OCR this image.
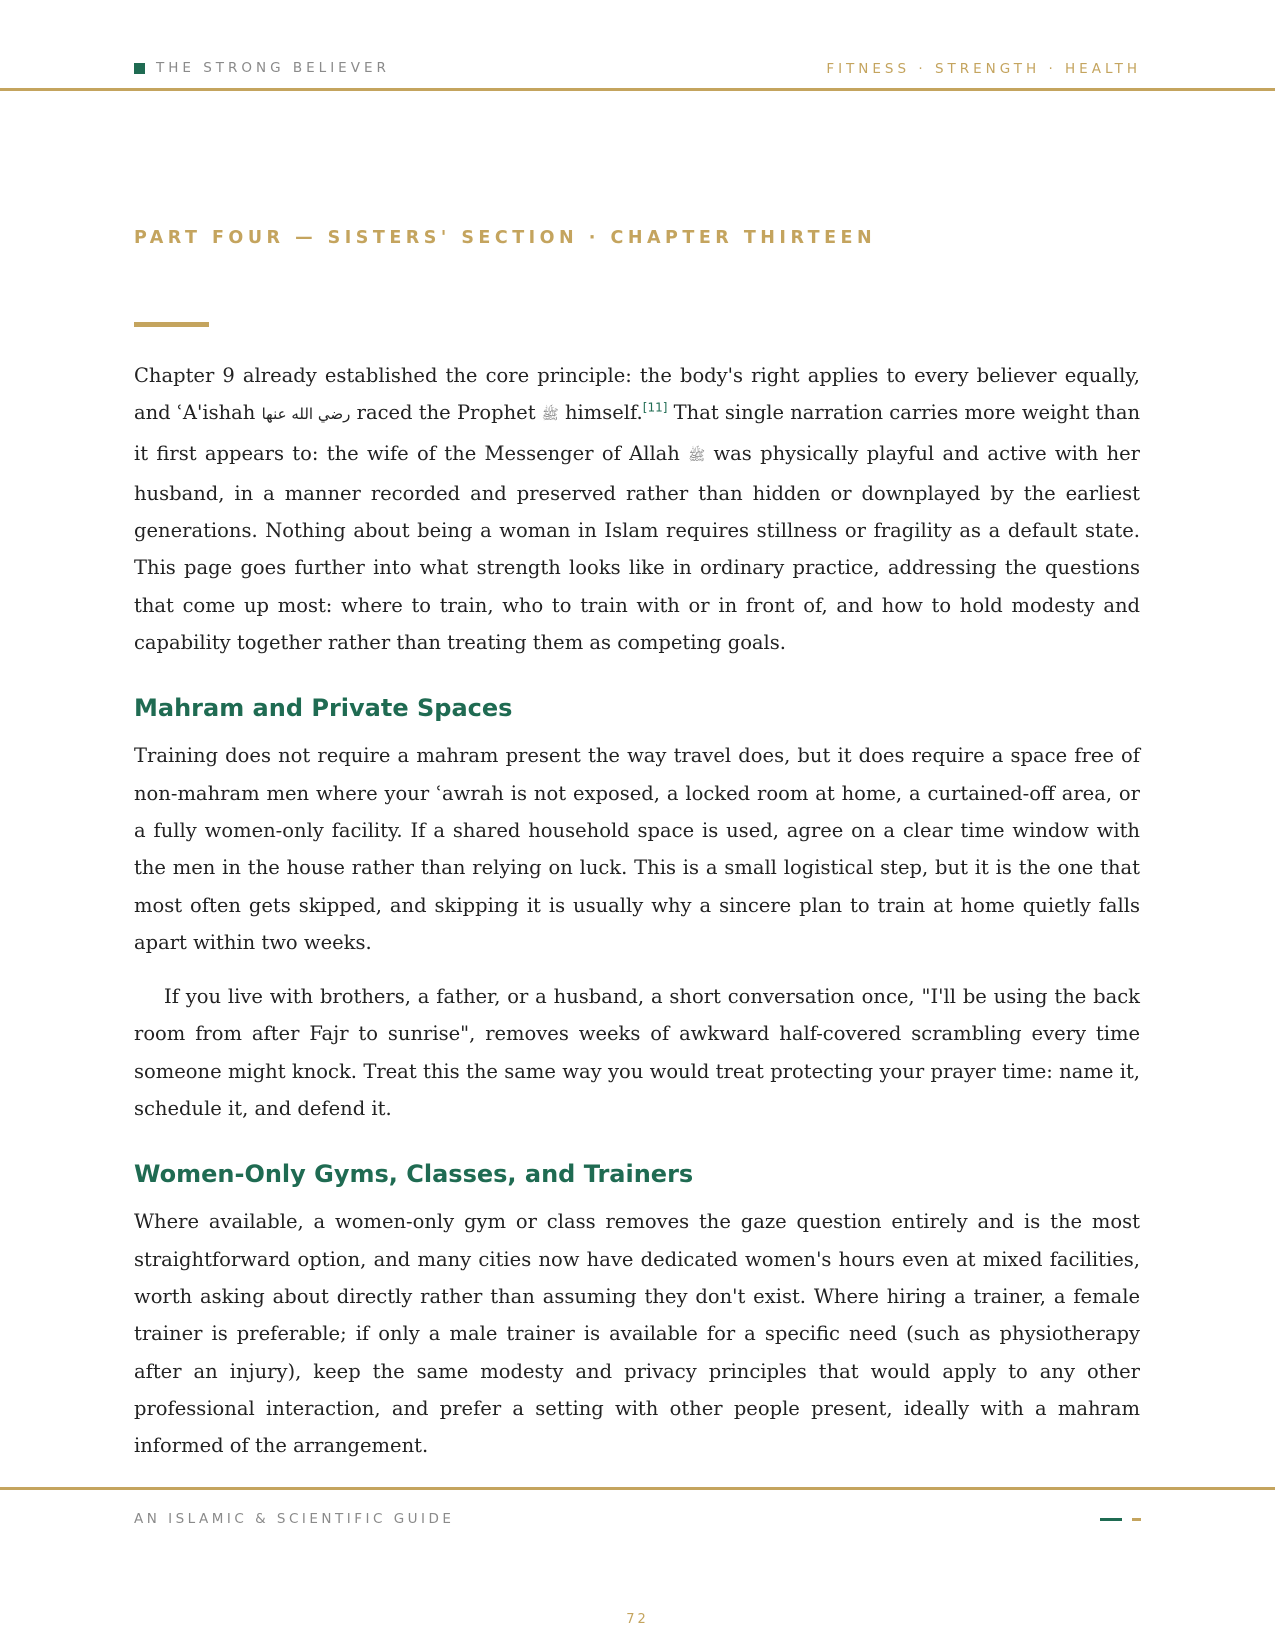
THE STRONG BELIEVER	FITNESS · STRENGTH · HEALTH
PART FOUR — SISTERS' SECTION · CHAPTER THIRTEEN

Chapter 9 already established the core principle: the body's right applies to every believer equally, and ʿA'ishah رضي الله عنها raced the Prophet ﷺ himself.[11] That single narration carries more weight than it first appears to: the wife of the Messenger of Allah ﷺ was physically playful and active with her husband, in a manner recorded and preserved rather than hidden or downplayed by the earliest generations. Nothing about being a woman in Islam requires stillness or fragility as a default state. This page goes further into what strength looks like in ordinary practice, addressing the questions that come up most: where to train, who to train with or in front of, and how to hold modesty and capability together rather than treating them as competing goals.

Mahram and Private Spaces

Training does not require a mahram present the way travel does, but it does require a space free of non-mahram men where your ʿawrah is not exposed, a locked room at home, a curtained-off area, or a fully women-only facility. If a shared household space is used, agree on a clear time window with the men in the house rather than relying on luck. This is a small logistical step, but it is the one that most often gets skipped, and skipping it is usually why a sincere plan to train at home quietly falls apart within two weeks.

If you live with brothers, a father, or a husband, a short conversation once, "I'll be using the back room from after Fajr to sunrise", removes weeks of awkward half-covered scrambling every time someone might knock. Treat this the same way you would treat protecting your prayer time: name it, schedule it, and defend it.

Women-Only Gyms, Classes, and Trainers

Where available, a women-only gym or class removes the gaze question entirely and is the most straightforward option, and many cities now have dedicated women's hours even at mixed facilities, worth asking about directly rather than assuming they don't exist. Where hiring a trainer, a female trainer is preferable; if only a male trainer is available for a specific need (such as physiotherapy after an injury), keep the same modesty and privacy principles that would apply to any other professional interaction, and prefer a setting with other people present, ideally with a mahram informed of the arrangement.

AN ISLAMIC & SCIENTIFIC GUIDE
72
